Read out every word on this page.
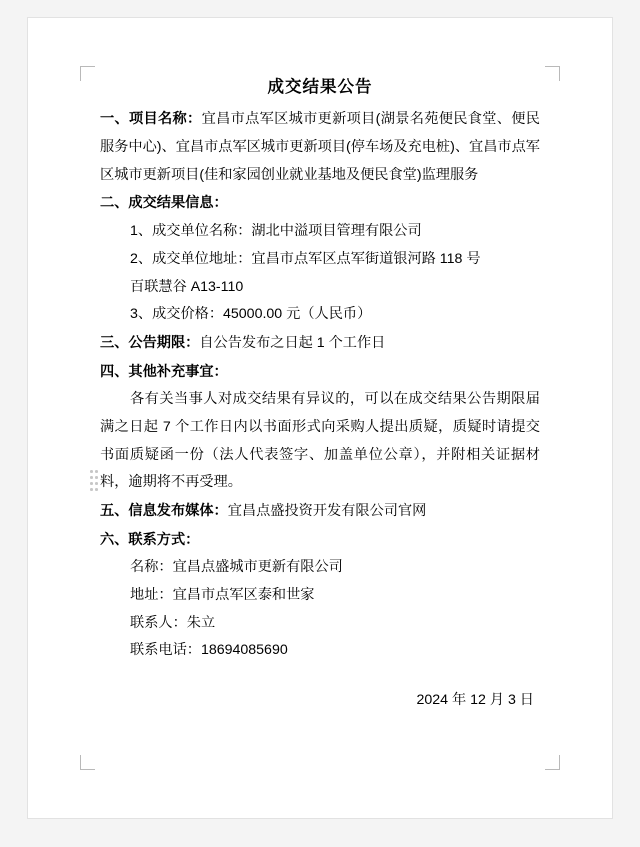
成交结果公告

一、项目名称：宜昌市点军区城市更新项目(湖景名苑便民食堂、便民服务中心)、宜昌市点军区城市更新项目(停车场及充电桩)、宜昌市点军区城市更新项目(佳和家园创业就业基地及便民食堂)监理服务

二、成交结果信息：

1、成交单位名称：湖北中溢项目管理有限公司

2、成交单位地址：宜昌市点军区点军街道银河路 118 号

百联慧谷 A13-110

3、成交价格：45000.00 元（人民币）

三、公告期限：自公告发布之日起 1 个工作日

四、其他补充事宜：

各有关当事人对成交结果有异议的，可以在成交结果公告期限届满之日起 7 个工作日内以书面形式向采购人提出质疑，质疑时请提交书面质疑函一份（法人代表签字、加盖单位公章），并附相关证据材料，逾期将不再受理。

五、信息发布媒体：宜昌点盛投资开发有限公司官网

六、联系方式：

名称：宜昌点盛城市更新有限公司

地址：宜昌市点军区泰和世家

联系人：朱立

联系电话：18694085690

2024 年 12 月 3 日
